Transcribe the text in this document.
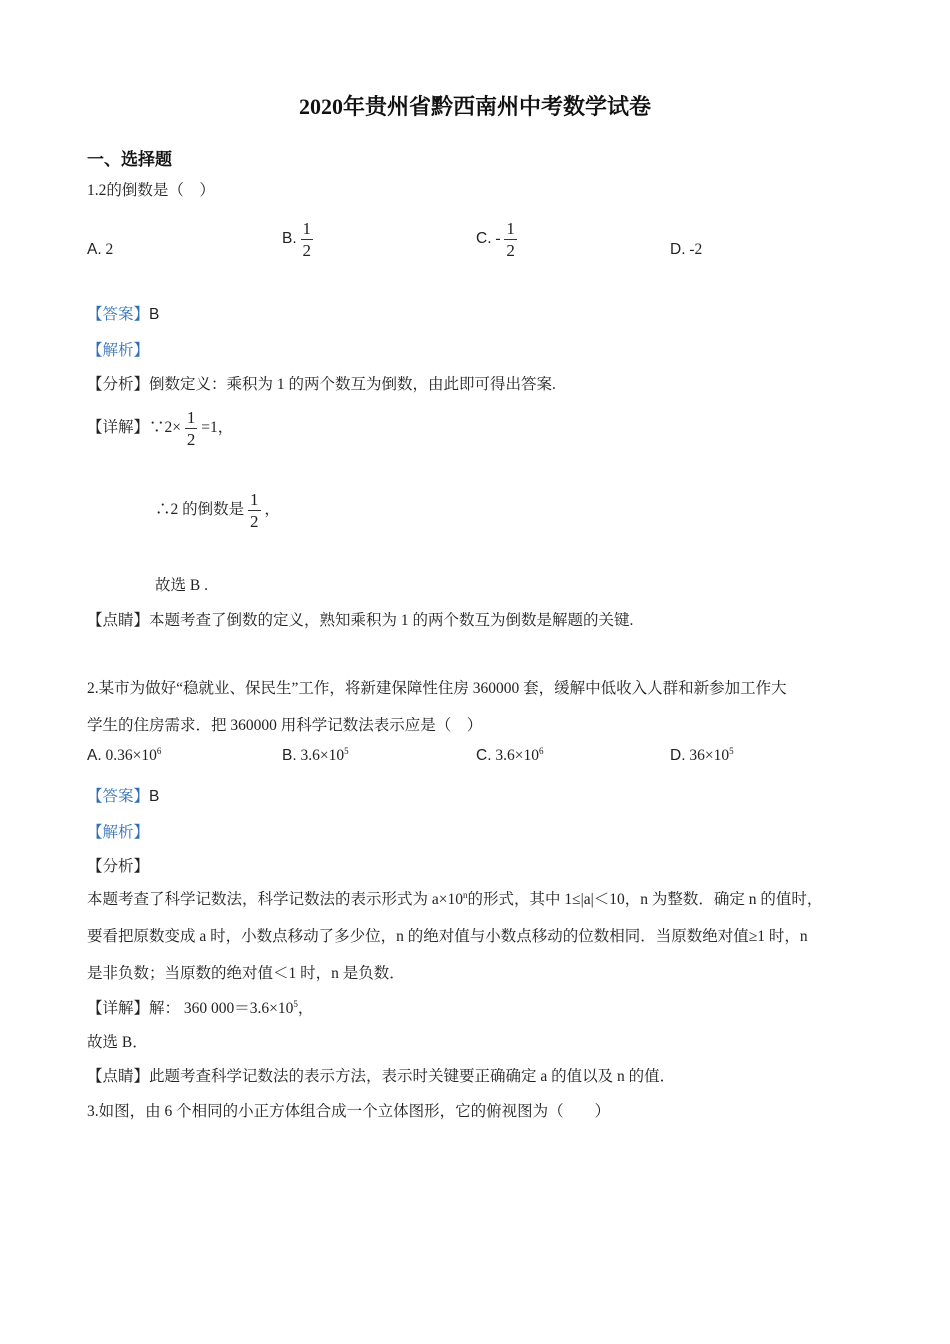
2020年贵州省黔西南州中考数学试卷
一、选择题
1.2的倒数是（　）
A. 2
B. $\frac{1}{2}$	C. - $\frac{1}{2}$	D. -2
【答案】B
【解析】
【分析】倒数定义：乘积为 1 的两个数互为倒数，由此即可得出答案.
【详解】∵2× $\frac{1}{2} =1$，
∴2 的倒数是 $\frac{1}{2}$ ，
故选 B .
【点睛】本题考查了倒数的定义，熟知乘积为 1 的两个数互为倒数是解题的关键.
2.某市为做好“稳就业、保民生”工作，将新建保障性住房 360000 套，缓解中低收入人群和新参加工作大
学生的住房需求．把 360000 用科学记数法表示应是（　）
A. $0.36\times 10^6$	B. $3.6\times 10^5$	C. $3.6\times 10^6$	D. $36\times 10^5$
【答案】B
【解析】
【分析】
本题考查了科学记数法，科学记数法的表示形式为 $a\times 10^n$的形式，其中 1≤|a|＜10，n 为整数．确定 n 的值时，
要看把原数变成 a 时，小数点移动了多少位，n 的绝对值与小数点移动的位数相同．当原数绝对值≥1 时，n
是非负数；当原数的绝对值＜1 时，n 是负数．
【详解】解： 360 $000=3.6\times 10^5$，
故选 B．
【点睛】此题考查科学记数法的表示方法，表示时关键要正确确定 a 的值以及 n 的值．
3.如图，由 6 个相同的小正方体组合成一个立体图形，它的俯视图为（　　）
